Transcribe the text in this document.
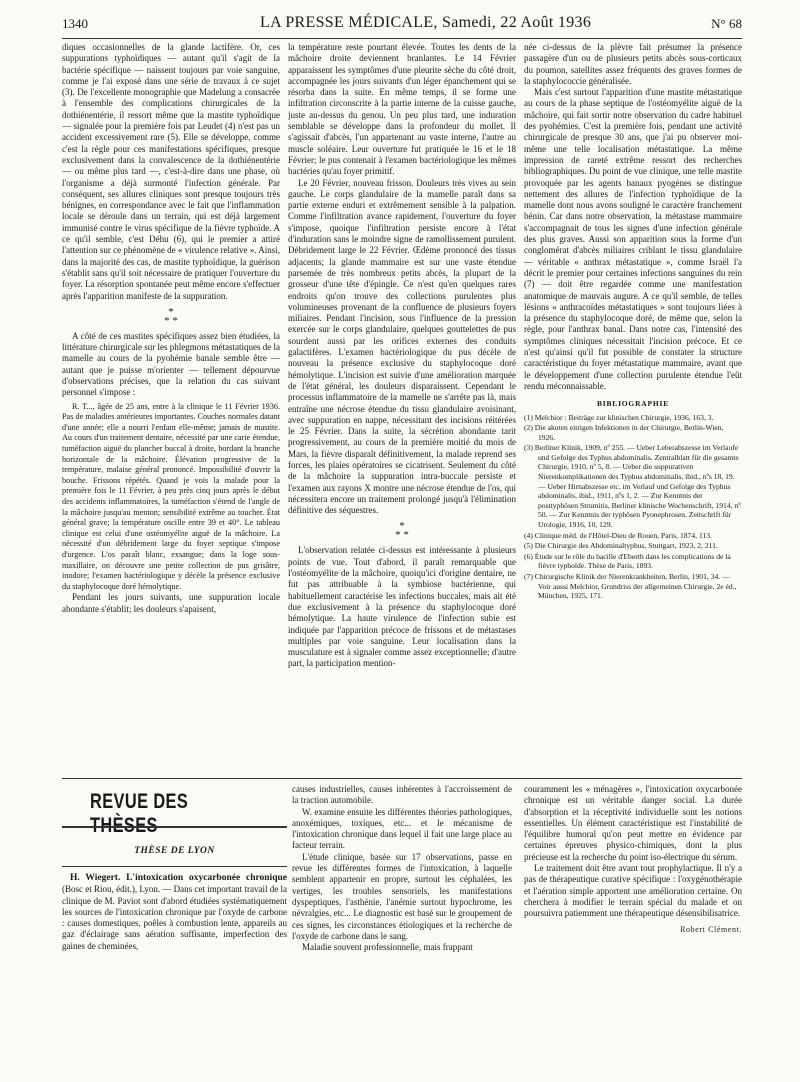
1340	LA PRESSE MÉDICALE, Samedi, 22 Août 1936	N° 68

diques occasionnelles de la glande lactifère. Or, ces suppurations typhoïdiques — autant qu'il s'agit de la bactérie spécifique — naissent toujours par voie sanguine, comme je l'ai exposé dans une série de travaux à ce sujet (3). De l'excellente monographie que Madelung a consacrée à l'ensemble des complications chirurgicales de la dothiénentérie, il ressort même que la mastite typhoïdique — signalée pour la première fois par Leudet (4) n'est pas un accident excessivement rare (5). Elle se développe, comme c'est la règle pour ces manifestations spécifiques, presque exclusivement dans la convalescence de la dothiénentérie — ou même plus tard —, c'est-à-dire dans une phase, où l'organisme a déjà surmonté l'infection générale. Par conséquent, ses allures cliniques sont presque toujours très bénignes, en correspondance avec le fait que l'inflammation locale se déroule dans un terrain, qui est déjà largement immunisé contre le virus spécifique de la fièvre typhoïde. A ce qu'il semble, c'est Déhu (6), qui le premier a attiré l'attention sur ce phénomène de « virulence relative ». Ainsi, dans la majorité des cas, de mastite typhoïdique, la guérison s'établit sans qu'il soit nécessaire de pratiquer l'ouverture du foyer. La résorption spontanée peut même encore s'effectuer après l'apparition manifeste de la suppuration.

*
* *

A côté de ces mastites spécifiques assez bien étudiées, la littérature chirurgicale sur les phlegmons métastatiques de la mamelle au cours de la pyohémie banale semble être — autant que je puisse m'orienter — tellement dépourvue d'observations précises, que la relation du cas suivant personnel s'impose :

R. T..., âgée de 25 ans, entre à la clinique le 11 Février 1936. Pas de maladies antérieures importantes. Couches normales datant d'une année; elle a nourri l'enfant elle-même; jamais de mastite. Au cours d'un traitement dentaire, nécessité par une carie étendue, tuméfaction aiguë du plancher buccal à droite, bordant la branche horizontale de la mâchoire. Élévation progressive de la température, malaise général prononcé. Impossibilité d'ouvrir la bouche. Frissons répétés. Quand je vois la malade pour la première fois le 11 Février, à peu près cinq jours après le début des accidents inflammatoires, la tuméfaction s'étend de l'angle de la mâchoire jusqu'au menton; sensibilité extrême au toucher. État général grave; la température oscille entre 39 et 40°. Le tableau clinique est celui d'une ostéomyélite aiguë de la mâchoire. La nécessité d'un débridement large du foyer septique s'impose d'urgence. L'os paraît blanc, exsangue; dans la loge sous-maxillaire, on découvre une petite collection de pus grisâtre, inodore; l'examen bactériologique y décèle la présence exclusive du staphylocoque doré hémolytique.

Pendant les jours suivants, une suppuration locale abondante s'établit; les douleurs s'apaisent,

la température reste pourtant élevée. Toutes les dents de la mâchoire droite deviennent branlantes. Le 14 Février apparaissent les symptômes d'une pleurite sèche du côté droit, accompagnée les jours suivants d'un léger épanchement qui se résorba dans la suite. En même temps, il se forme une infiltration circonscrite à la partie interne de la cuisse gauche, juste au-dessus du genou. Un peu plus tard, une induration semblable se développe dans la profondeur du mollet. Il s'agissait d'abcès, l'un appartenant au vaste interne, l'autre au muscle soléaire. Leur ouverture fut pratiquée le 16 et le 18 Février; le pus contenait à l'examen bactériologique les mêmes bactéries qu'au foyer primitif.

Le 20 Février, nouveau frisson. Douleurs très vives au sein gauche. Le corps glandulaire de la mamelle paraît dans sa partie externe enduri et extrêmement sensible à la palpation. Comme l'infiltration avance rapidement, l'ouverture du foyer s'impose, quoique l'infiltration persiste encore à l'état d'induration sans le moindre signe de ramollissement purulent. Débridement large le 22 Février. Œdème prononcé des tissus adjacents; la glande mammaire est sur une vaste étendue parsemée de très nombreux petits abcès, la plupart de la grosseur d'une tête d'épingle. Ce n'est qu'en quelques rares endroits qu'on trouve des collections purulentes plus volumineuses provenant de la confluence de plusieurs foyers miliaires. Pendant l'incision, sous l'influence de la pression exercée sur le corps glandulaire, quelques gouttelettes de pus sourdent aussi par les orifices externes des conduits galactifères. L'examen bactériologique du pus décèle de nouveau la présence exclusive du staphylocoque doré hémolytique. L'incision est suivie d'une amélioration marquée de l'état général, les douleurs disparaissent. Cependant le processus inflammatoire de la mamelle ne s'arrête pas là, mais entraîne une nécrose étendue du tissu glandulaire avoisinant, avec suppuration en nappe, nécessitant des incisions réitérées le 25 Février. Dans la suite, la sécrétion abondante tarit progressivement, au cours de la première moitié du mois de Mars, la fièvre disparaît définitivement, la malade reprend ses forces, les plaies opératoires se cicatrisent. Seulement du côté de la mâchoire la suppuration intra-buccale persiste et l'examen aux rayons X montre une nécrose étendue de l'os, qui nécessitera encore un traitement prolongé jusqu'à l'élimination définitive des séquestres.

*
* *

L'observation relatée ci-dessus est intéressante à plusieurs points de vue. Tout d'abord, il paraît remarquable que l'ostéomyélite de la mâchoire, quoiqu'ici d'origine dentaire, ne fut pas attribuable à la symbiose bactérienne, qui habituellement caractérise les infections buccales, mais ait été due exclusivement à la présence du staphylocoque doré hémolytique. La haute virulence de l'infection subie est indiquée par l'apparition précoce de frissons et de métastases multiples par voie sanguine. Leur localisation dans la musculature est à signaler comme assez exceptionnelle; d'autre part, la participation mention-

née ci-dessus de la plèvre fait présumer la présence passagère d'un ou de plusieurs petits abcès sous-corticaux du poumon, satellites assez fréquents des graves formes de la staphylococcie généralisée.

Mais c'est surtout l'apparition d'une mastite métastatique au cours de la phase septique de l'ostéomyélite aiguë de la mâchoire, qui fait sortir notre observation du cadre habituel des pyohémies. C'est la première fois, pendant une activité chirurgicale de presque 30 ans, que j'ai pu observer moi-même une telle localisation métastatique. La même impression de rareté extrême ressort des recherches bibliographiques. Du point de vue clinique, une telle mastite provoquée par les agents banaux pyogènes se distingue nettement des allures de l'infection typhoïdique de la mamelle dont nous avons souligné le caractère franchement bénin. Car dans notre observation, la métastase mammaire s'accompagnait de tous les signes d'une infection générale des plus graves. Aussi son apparition sous la forme d'un conglomérat d'abcès miliaires criblant le tissu glandulaire — véritable « anthrax métastatique », comme Israël l'a décrit le premier pour certaines infections sanguines du rein (7) — doit être regardée comme une manifestation anatomique de mauvais augure. A ce qu'il semble, de telles lésions « anthracoïdes métastatiques » sont toujours liées à la présence du staphylocoque doré, de même que, selon la règle, pour l'anthrax banal. Dans notre cas, l'intensité des symptômes cliniques nécessitait l'incision précoce. Et ce n'est qu'ainsi qu'il fut possible de constater la structure caractéristique du foyer métastatique mammaire, avant que le développement d'une collection purulente étendue l'eût rendu méconnaissable.

BIBLIOGRAPHIE

(1) Melchior : Beiträge zur klinischen Chirurgie, 1936, 163, 3.

(2) Die akuten eitrigen Infektionen in der Chirurgie, Berlin-Wien, 1926.

(3) Berliner Klinik, 1909, nº 255. — Ueber Leberabszesse im Verlaufe und Gefolge des Typhus abdominalis. Zentralblatt für die gesamte Chirurgie, 1910, nº 5, 8. — Ueber die suppurativen Nierenkomplikationen des Typhus abdominalis, ibid., nºs 18, 19. — Ueber Hirnabszesse etc. im Verlauf und Gefolge des Typhus abdominalis, ibid., 1911, nºs 1, 2. — Zur Kenntnis der posttyphösen Strumitis, Berliner klinische Wochenschrift, 1914, nº 50. — Zur Kenntnis der typhösen Pyonephrosen. Zeitschrift für Urologie, 1916, 10, 129.

(4) Clinique méd. de l'Hôtel-Dieu de Rouen, Paris, 1874, 113.

(5) Die Chirurgie des Abdominaltyphus, Stuttgart, 1923, 2, 211.

(6) Étude sur le rôle du bacille d'Eberth dans les complications de la fièvre typhoïde. Thèse de Paris, 1893.

(7) Chirurgische Klinik der Nierenkrankheiten, Berlin, 1901, 34. — Voir aussi Melchior, Grundriss der allgemeinen Chirurgie, 2e éd., München, 1925, 171.

REVUE DES THÈSES
THÈSE DE LYON

H. Wiegert. L'intoxication oxycarbonée chronique (Bosc et Riou, édit.), Lyon. — Dans cet important travail de la clinique de M. Paviot sont d'abord étudiées systématiquement les sources de l'intoxication chronique par l'oxyde de carbone : causes domestiques, poêles à combustion lente, appareils au gaz d'éclairage sans aération suffisante, imperfection des gaines de cheminées,

causes industrielles, causes inhérentes à l'accroissement de la traction automobile.

W. examine ensuite les différentes théories pathologiques, anoxémiques, toxiques, etc... et le mécanisme de l'intoxication chronique dans lequel il fait une large place au facteur terrain.

L'étude clinique, basée sur 17 observations, passe en revue les différentes formes de l'intoxication, à laquelle semblent appartenir en propre, surtout les céphalées, les vertiges, les troubles sensoriels, les manifestations dyspeptiques, l'asthénie, l'anémie surtout hypochrome, les névralgies, etc... Le diagnostic est basé sur le groupement de ces signes, les circonstances étiologiques et la recherche de l'oxyde de carbone dans le sang.

Maladie souvent professionnelle, mais frappant

couramment les « ménagères », l'intoxication oxycarbonée chronique est un véritable danger social. La durée d'absorption et la réceptivité individuelle sont les notions essentielles. Un élément caractéristique est l'instabilité de l'équilibre humoral qu'on peut mettre en évidence par certaines épreuves physico-chimiques, dont la plus précieuse est la recherche du point iso-électrique du sérum.

Le traitement doit être avant tout prophylactique. Il n'y a pas de thérapeutique curative spécifique : l'oxygénothérapie et l'aération simple apportent une amélioration certaine. On cherchera à modifier le terrain spécial du malade et on poursuivra patiemment une thérapeutique désensibilisatrice.

Robert Clément.
